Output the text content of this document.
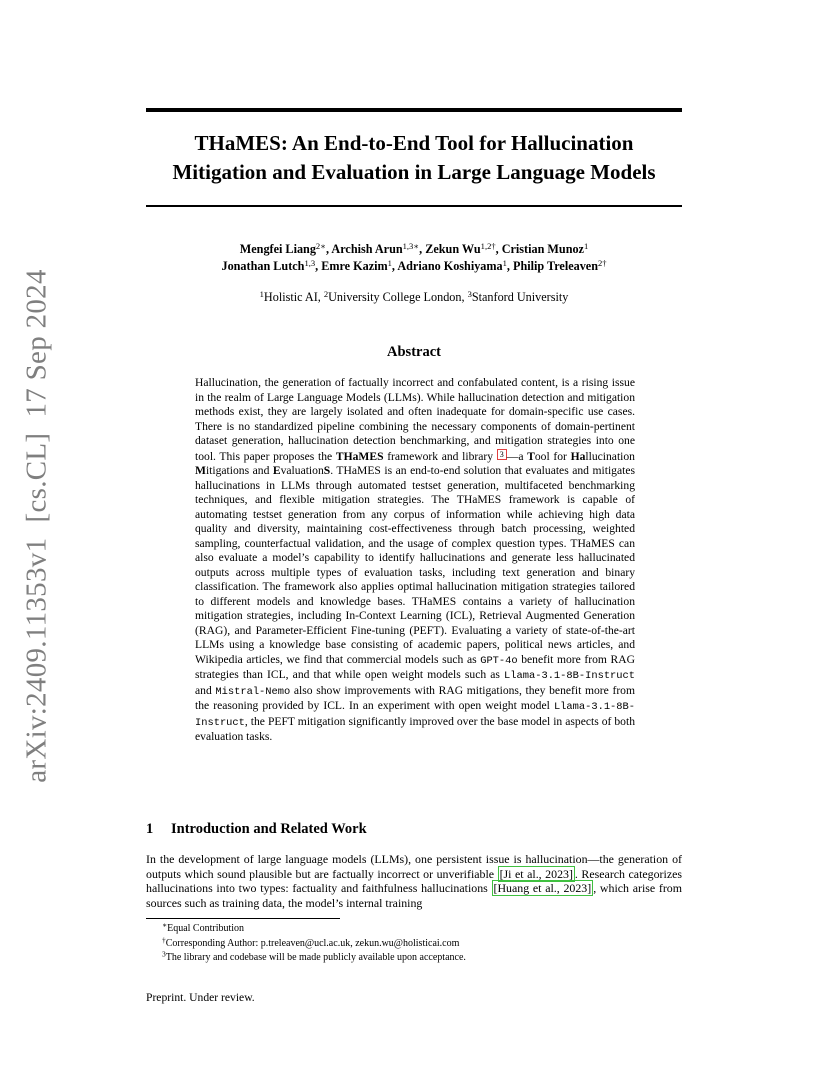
arXiv:2409.11353v1  [cs.CL]  17 Sep 2024
THaMES: An End-to-End Tool for Hallucination
Mitigation and Evaluation in Large Language Models
Mengfei Liang$^{2∗}$, Archish Arun$^{1,3∗}$, Zekun $Wu^{1,2\dagger}$, Cristian Munoz$^1$
Jonathan Lutch$^{1,3}$, Emre Kazim$^1$, Adriano Koshiyama$^1$, Philip Treleaven$^{2\dagger}$
$^1$Holistic AI, $^2$University College London, $^3$Stanford University
Abstract
Hallucination, the generation of factually incorrect and confabulated content, is a rising issue in the realm of Large Language Models (LLMs). While hallucination detection and mitigation methods exist, they are largely isolated and often inadequate for domain-specific use cases. There is no standardized pipeline combining the necessary components of domain-pertinent dataset generation, hallucination detection benchmarking, and mitigation strategies into one tool. This paper proposes the THaMES framework and library 3 —a Tool for Hallucination Mitigations and EvaluationS. THaMES is an end-to-end solution that evaluates and mitigates hallucinations in LLMs through automated testset generation, multifaceted benchmarking techniques, and flexible mitigation strategies. The THaMES framework is capable of automating testset generation from any corpus of information while achieving high data quality and diversity, maintaining cost-effectiveness through batch processing, weighted sampling, counterfactual validation, and the usage of complex question types. THaMES can also evaluate a model’s capability to identify hallucinations and generate less hallucinated outputs across multiple types of evaluation tasks, including text generation and binary classification. The framework also applies optimal hallucination mitigation strategies tailored to different models and knowledge bases. THaMES contains a variety of hallucination mitigation strategies, including In-Context Learning (ICL), Retrieval Augmented Generation (RAG), and Parameter-Efficient Fine-tuning (PEFT). Evaluating a variety of state-of-the-art LLMs using a knowledge base consisting of academic papers, political news articles, and Wikipedia articles, we find that commercial models such as GPT-4o benefit more from RAG strategies than ICL, and that while open weight models such as Llama-3.1-8B-Instruct and Mistral-Nemo also show improvements with RAG mitigations, they benefit more from the reasoning provided by ICL. In an experiment with open weight model Llama-3.1-8B-Instruct, the PEFT mitigation significantly improved over the base model in aspects of both evaluation tasks.
1 Introduction and Related Work
In the development of large language models (LLMs), one persistent issue is hallucination—the generation of outputs which sound plausible but are factually incorrect or unverifiable [Ji et al., 2023] . Research categorizes hallucinations into two types: factuality and faithfulness hallucinations [Huang et al., 2023] , which arise from sources such as training data, the model’s internal training
∗Equal Contribution
†Corresponding Author: p.treleaven@ucl.ac.uk, zekun.wu@holisticai.com
$^3$The library and codebase will be made publicly available upon acceptance.
Preprint. Under review.
